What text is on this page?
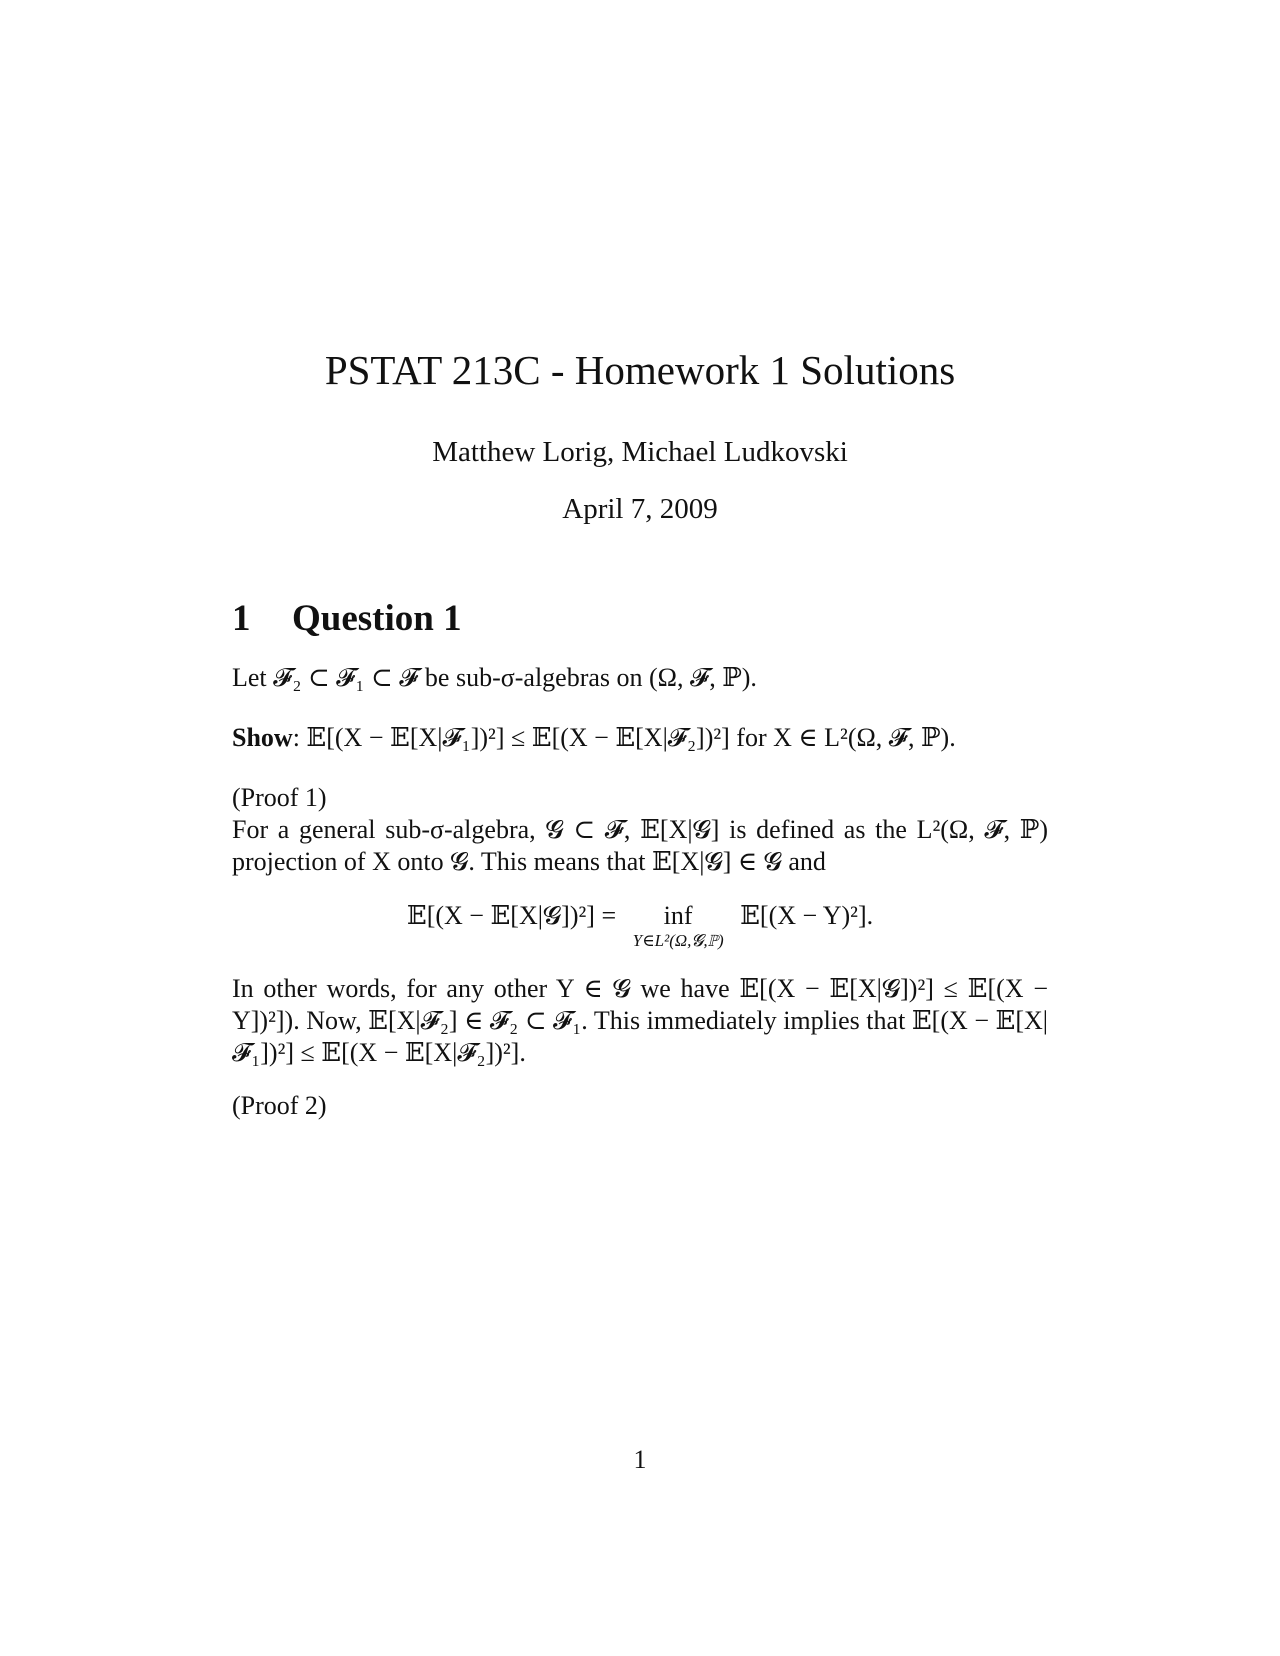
PSTAT 213C - Homework 1 Solutions
Matthew Lorig, Michael Ludkovski
April 7, 2009
1 Question 1
Let 𝓕₂ ⊂ 𝓕₁ ⊂ 𝓕 be sub-σ-algebras on (Ω, 𝓕, ℙ).
Show: 𝔼[(X − 𝔼[X|𝓕₁])²] ≤ 𝔼[(X − 𝔼[X|𝓕₂])²] for X ∈ L²(Ω, 𝓕, ℙ).
(Proof 1)
For a general sub-σ-algebra, 𝓖 ⊂ 𝓕, 𝔼[X|𝓖] is defined as the L²(Ω, 𝓕, ℙ) projection of X onto 𝓖. This means that 𝔼[X|𝓖] ∈ 𝓖 and
𝔼[(X − 𝔼[X|𝓖])²] =	inf
Y∈L²(Ω,𝓖,ℙ)
𝔼[(X − Y)²].
In other words, for any other Y ∈ 𝓖 we have 𝔼[(X − 𝔼[X|𝓖])²] ≤ 𝔼[(X − Y])²]). Now, 𝔼[X|𝓕₂] ∈ 𝓕₂ ⊂ 𝓕₁. This immediately implies that 𝔼[(X − 𝔼[X|𝓕₁])²] ≤ 𝔼[(X − 𝔼[X|𝓕₂])²].
(Proof 2)
1
